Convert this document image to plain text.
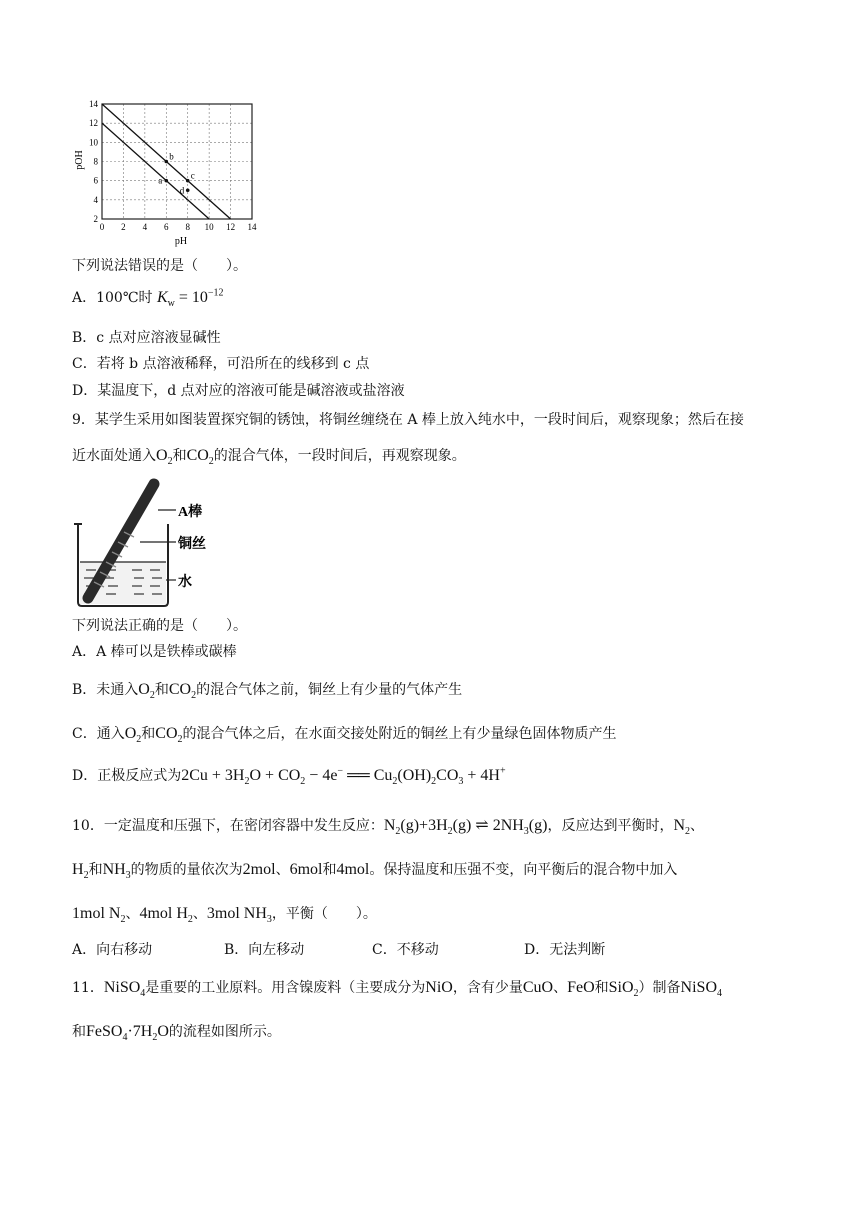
14
12
10
8
6
4
2
0 2 4 6 8 10 12 14
a
b
c
d
pOH
pH
下列说法错误的是（　　）。
A．100℃时 $K_w = 10^{-12}$
B．c 点对应溶液显碱性
C．若将 b 点溶液稀释，可沿所在的线移到 c 点
D．某温度下，d 点对应的溶液可能是碱溶液或盐溶液
9．某学生采用如图装置探究铜的锈蚀，将铜丝缠绕在 A 棒上放入纯水中，一段时间后，观察现象；然后在接
近水面处通入$O_2$和$CO_2$的混合气体，一段时间后，再观察现象。
A棒
铜丝
水
下列说法正确的是（　　）。
A．A 棒可以是铁棒或碳棒
B．未通入$O_2$和$CO_2$的混合气体之前，铜丝上有少量的气体产生
C．通入$O_2$和$CO_2$的混合气体之后，在水面交接处附近的铜丝上有少量绿色固体物质产生
D．正极反应式为$2Cu + 3H_2O + CO_2 - 4e^-$ ══ $Cu_2(OH)_2CO_3 + 4H^+$
10．一定温度和压强下，在密闭容器中发生反应：$N_2(g)+3H_2(g)$ ⇌ $2NH_3(g)$，反应达到平衡时，$N_2$、
$H_2$和$NH_3$的物质的量依次为2mol、6mol和4mol。保持温度和压强不变，向平衡后的混合物中加入
1mol $N_2$、4mol $H_2$、3mol $NH_3$，平衡（　　）。
A．向右移动	B．向左移动	C．不移动	D．无法判断
11．NiSO$_4$是重要的工业原料。用含镍废料（主要成分为NiO，含有少量CuO、FeO和SiO$_2$）制备NiSO$_4$
和$FeSO_4\cdot 7H_2O$的流程如图所示。
